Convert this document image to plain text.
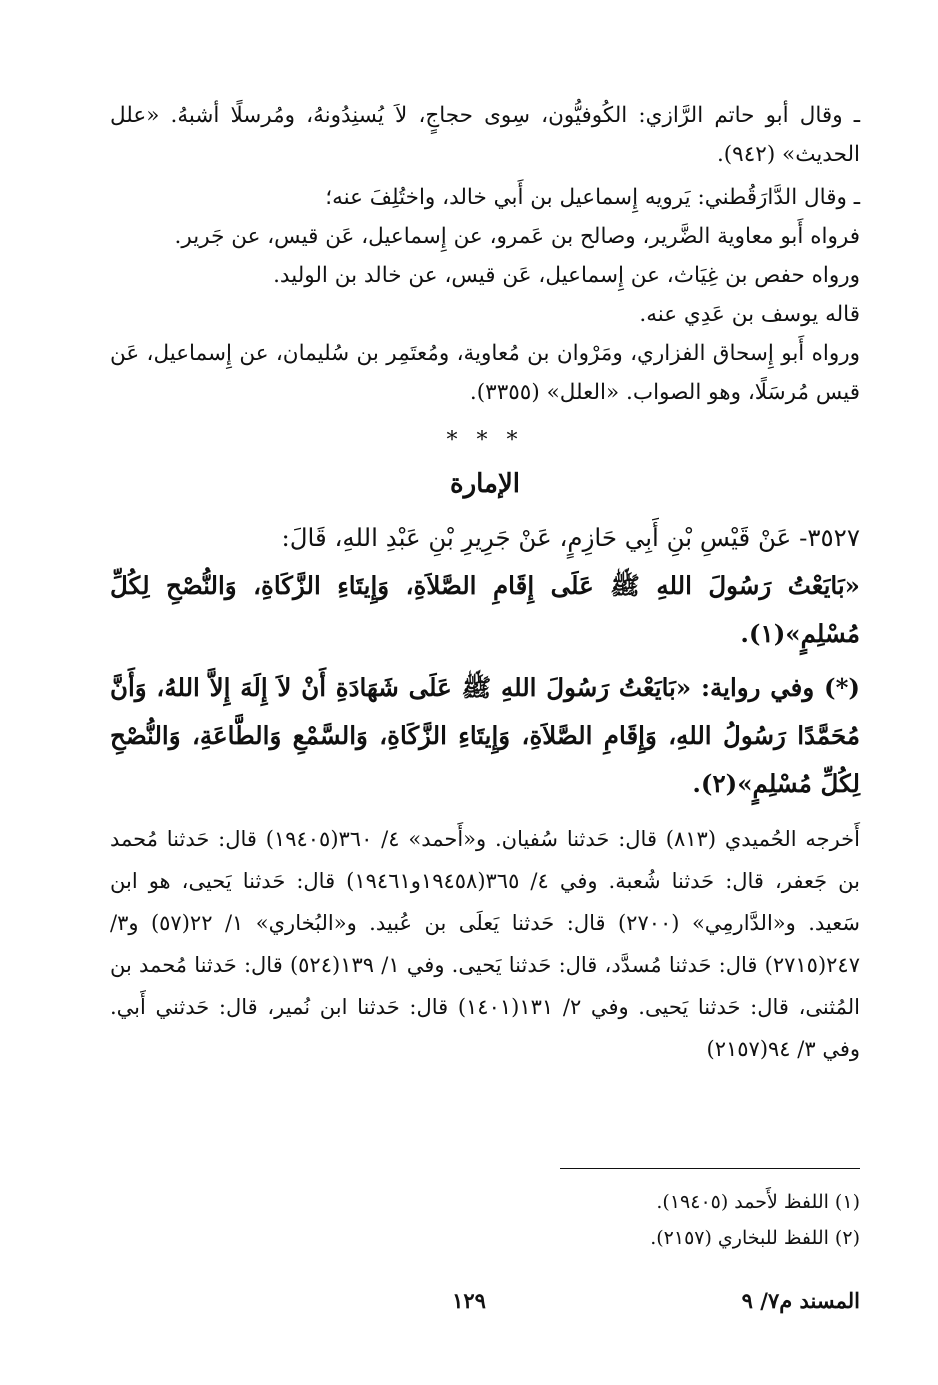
ـ وقال أبو حاتم الرَّازي: الكُوفيُّون، سِوى حجاجٍ، لاَ يُسنِدُونهُ، ومُرسلًا أشبهُ. «علل الحديث» (٩٤٢).

ـ وقال الدَّارَقُطني: يَرويه إِسماعيل بن أَبي خالد، واختُلِفَ عنه؛

فرواه أَبو معاوية الضَّرير، وصالح بن عَمرو، عن إِسماعيل، عَن قيس، عن جَرير.

ورواه حفص بن غِيَاث، عن إِسماعيل، عَن قيس، عن خالد بن الوليد.

قاله يوسف بن عَدِي عنه.

ورواه أَبو إِسحاق الفزاري، ومَرْوان بن مُعاوية، ومُعتَمِر بن سُليمان، عن إِسماعيل، عَن قيس مُرسَلًا، وهو الصواب. «العلل» (٣٣٥٥).

* * *
الإمارة

٣٥٢٧- عَنْ قَيْسِ بْنِ أَبِي حَازِمٍ، عَنْ جَرِيرِ بْنِ عَبْدِ اللهِ، قَالَ:

«بَايَعْتُ رَسُولَ اللهِ ﷺ عَلَى إِقَامِ الصَّلاَةِ، وَإِيتَاءِ الزَّكَاةِ، وَالنُّصْحِ لِكُلِّ مُسْلِمٍ»(١).

(*) وفي رواية: «بَايَعْتُ رَسُولَ اللهِ ﷺ عَلَى شَهَادَةِ أَنْ لاَ إِلَهَ إِلاَّ اللهُ، وَأَنَّ مُحَمَّدًا رَسُولُ اللهِ، وَإِقَامِ الصَّلاَةِ، وَإِيتَاءِ الزَّكَاةِ، وَالسَّمْعِ وَالطَّاعَةِ، وَالنُّصْحِ لِكُلِّ مُسْلِمٍ»(٢).

أَخرجه الحُميدي (٨١٣) قال: حَدثنا سُفيان. و«أَحمد» ٤/ ٣٦٠(١٩٤٠٥) قال: حَدثنا مُحمد بن جَعفر، قال: حَدثنا شُعبة. وفي ٤/ ٣٦٥(١٩٤٥٨و١٩٤٦١) قال: حَدثنا يَحيى، هو ابن سَعيد. و«الدَّارمِي» (٢٧٠٠) قال: حَدثنا يَعلَى بن عُبيد. و«البُخاري» ١/ ٢٢(٥٧) و٣/ ٢٤٧(٢٧١٥) قال: حَدثنا مُسدَّد، قال: حَدثنا يَحيى. وفي ١/ ١٣٩(٥٢٤) قال: حَدثنا مُحمد بن المُثنى، قال: حَدثنا يَحيى. وفي ٢/ ١٣١(١٤٠١) قال: حَدثنا ابن نُمير، قال: حَدثني أَبي. وفي ٣/ ٩٤(٢١٥٧)

(١) اللفظ لأَحمد (١٩٤٠٥).

(٢) اللفظ للبخاري (٢١٥٧).

المسند م٧/ ٩
١٢٩
